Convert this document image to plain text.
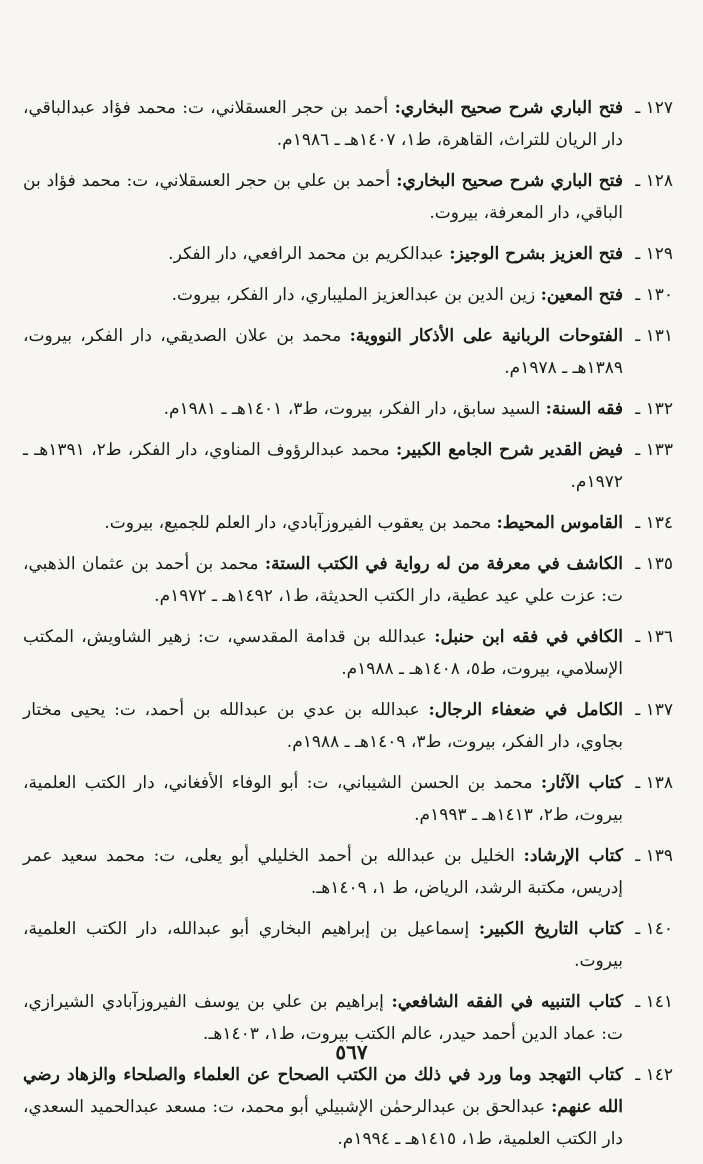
١٢٧ ـ
فتح الباري شرح صحيح البخاري: أحمد بن حجر العسقلاني، ت: محمد فؤاد عبدالباقي، دار الريان للتراث، القاهرة، ط١، ١٤٠٧هـ ـ ١٩٨٦م.
١٢٨ ـ
فتح الباري شرح صحيح البخاري: أحمد بن علي بن حجر العسقلاني، ت: محمد فؤاد بن الباقي، دار المعرفة، بيروت.
١٢٩ ـ
فتح العزيز بشرح الوجيز: عبدالكريم بن محمد الرافعي، دار الفكر.
١٣٠ ـ
فتح المعين: زين الدين بن عبدالعزيز المليباري، دار الفكر، بيروت.
١٣١ ـ
الفتوحات الربانية على الأذكار النووية: محمد بن علان الصديقي، دار الفكر، بيروت، ١٣٨٩هـ ـ ١٩٧٨م.
١٣٢ ـ
فقه السنة: السيد سابق، دار الفكر، بيروت، ط٣، ١٤٠١هـ ـ ١٩٨١م.
١٣٣ ـ
فيض القدير شرح الجامع الكبير: محمد عبدالرؤوف المناوي، دار الفكر، ط٢، ١٣٩١هـ ـ ١٩٧٢م.
١٣٤ ـ
القاموس المحيط: محمد بن يعقوب الفيروزآبادي، دار العلم للجميع، بيروت.
١٣٥ ـ
الكاشف في معرفة من له رواية في الكتب الستة: محمد بن أحمد بن عثمان الذهبي، ت: عزت علي عيد عطية، دار الكتب الحديثة، ط١، ١٤٩٢هـ ـ ١٩٧٢م.
١٣٦ ـ
الكافي في فقه ابن حنبل: عبدالله بن قدامة المقدسي، ت: زهير الشاويش، المكتب الإسلامي، بيروت، ط٥، ١٤٠٨هـ ـ ١٩٨٨م.
١٣٧ ـ
الكامل في ضعفاء الرجال: عبدالله بن عدي بن عبدالله بن أحمد، ت: يحيى مختار بجاوي، دار الفكر، بيروت، ط٣، ١٤٠٩هـ ـ ١٩٨٨م.
١٣٨ ـ
كتاب الآثار: محمد بن الحسن الشيباني، ت: أبو الوفاء الأفغاني، دار الكتب العلمية، بيروت، ط٢، ١٤١٣هـ ـ ١٩٩٣م.
١٣٩ ـ
كتاب الإرشاد: الخليل بن عبدالله بن أحمد الخليلي أبو يعلى، ت: محمد سعيد عمر إدريس، مكتبة الرشد، الرياض، ط ١، ١٤٠٩هـ.
١٤٠ ـ
كتاب التاريخ الكبير: إسماعيل بن إبراهيم البخاري أبو عبدالله، دار الكتب العلمية، بيروت.
١٤١ ـ
كتاب التنبيه في الفقه الشافعي: إبراهيم بن علي بن يوسف الفيروزآبادي الشيرازي، ت: عماد الدين أحمد حيدر، عالم الكتب بيروت، ط١، ١٤٠٣هـ.
١٤٢ ـ
كتاب التهجد وما ورد في ذلك من الكتب الصحاح عن العلماء والصلحاء والزهاد رضي الله عنهم: عبدالحق بن عبدالرحمٰن الإشبيلي أبو محمد، ت: مسعد عبدالحميد السعدي، دار الكتب العلمية، ط١، ١٤١٥هـ ـ ١٩٩٤م.
٥٦٧
